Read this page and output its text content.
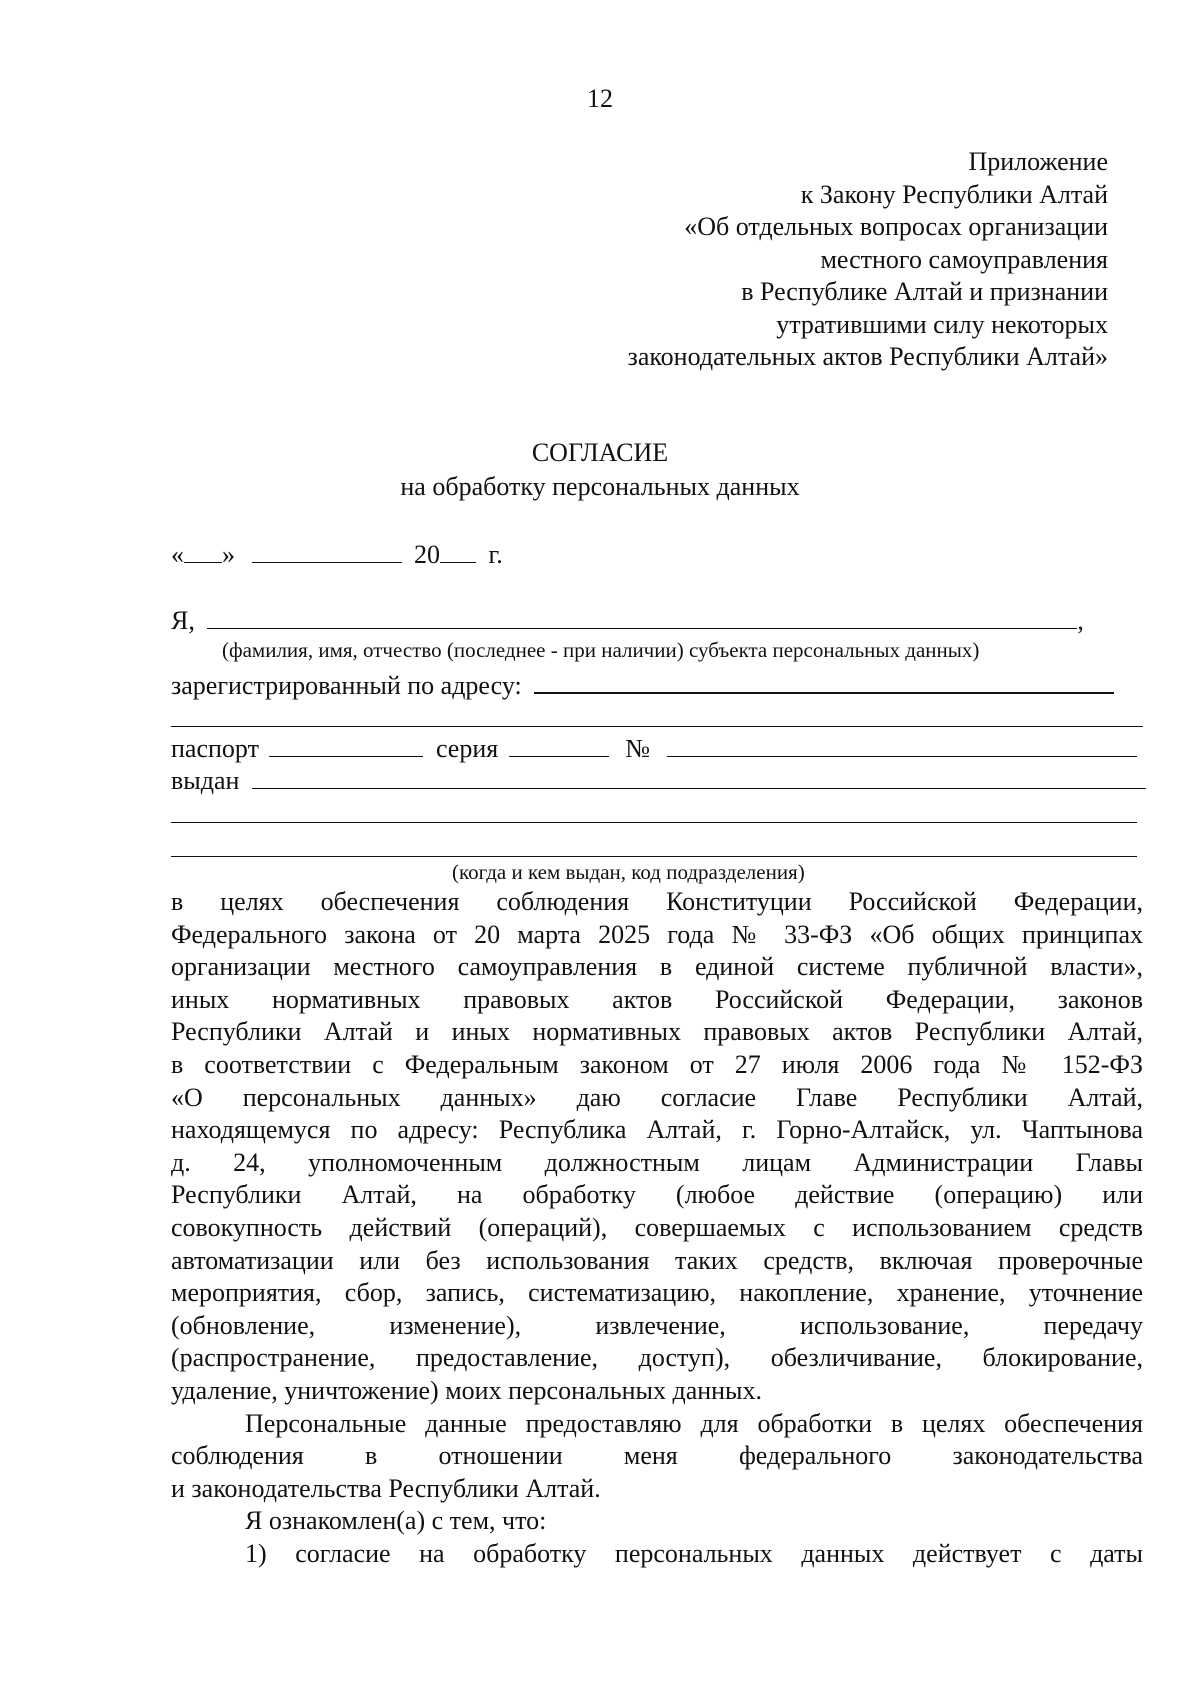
12
Приложение
к Закону Республики Алтай
«Об отдельных вопросах организации
местного самоуправления
в Республике Алтай и признании
утратившими силу некоторых
законодательных актов Республики Алтай»
СОГЛАСИЕ
на обработку персональных данных
« »	20 г.
Я,	,
(фамилия, имя, отчество (последнее - при наличии) субъекта персональных данных)
зарегистрированный по адресу:
паспорт	серия	№
выдан
(когда и кем выдан, код подразделения)

в целях обеспечения соблюдения Конституции Российской Федерации,

Федерального закона от 20 марта 2025 года № 33-ФЗ «Об общих принципах

организации местного самоуправления в единой системе публичной власти»,

иных нормативных правовых актов Российской Федерации, законов

Республики Алтай и иных нормативных правовых актов Республики Алтай,

в соответствии с Федеральным законом от 27 июля 2006 года № 152-ФЗ

«О персональных данных» даю согласие Главе Республики Алтай,

находящемуся по адресу: Республика Алтай, г. Горно-Алтайск, ул. Чаптынова

д. 24, уполномоченным должностным лицам Администрации Главы

Республики Алтай, на обработку (любое действие (операцию) или

совокупность действий (операций), совершаемых с использованием средств

автоматизации или без использования таких средств, включая проверочные

мероприятия, сбор, запись, систематизацию, накопление, хранение, уточнение

(обновление, изменение), извлечение, использование, передачу

(распространение, предоставление, доступ), обезличивание, блокирование,

удаление, уничтожение) моих персональных данных.

Персональные данные предоставляю для обработки в целях обеспечения

соблюдения в отношении меня федерального законодательства

и законодательства Республики Алтай.

Я ознакомлен(а) с тем, что:

1) согласие на обработку персональных данных действует с даты
